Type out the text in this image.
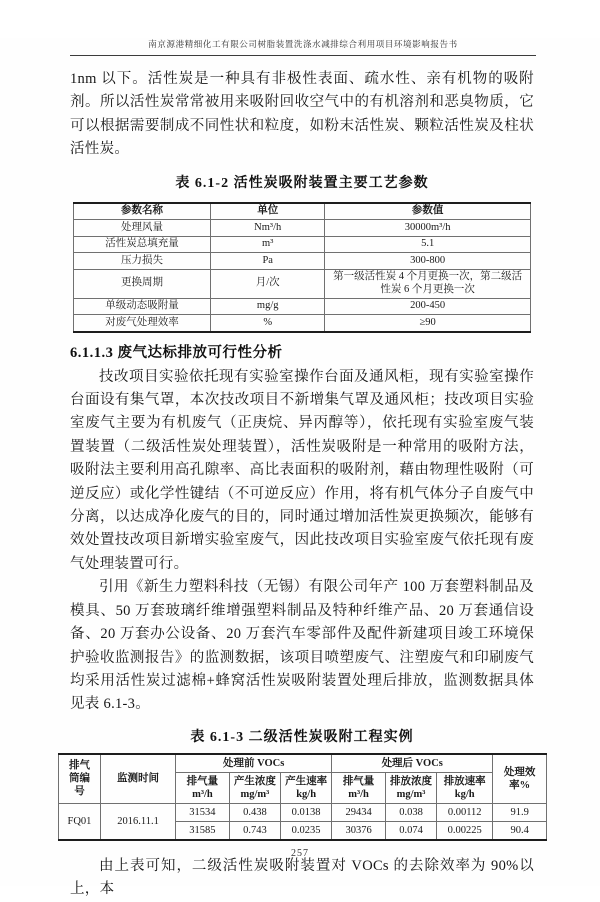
南京源港精细化工有限公司树脂装置洗涤水减排综合利用项目环境影响报告书

1nm 以下。活性炭是一种具有非极性表面、疏水性、亲有机物的吸附剂。所以活性炭常常被用来吸附回收空气中的有机溶剂和恶臭物质，它可以根据需要制成不同性状和粒度，如粉末活性炭、颗粒活性炭及柱状活性炭。

表 6.1-2 活性炭吸附装置主要工艺参数
参数名称	单位	参数值
处理风量	Nm³/h	30000m³/h
活性炭总填充量	m³	5.1
压力损失	Pa	300-800
更换周期	月/次	第一级活性炭 4 个月更换一次，第二级活性炭 6 个月更换一次
单级动态吸附量	mg/g	200-450
对废气处理效率	%	≥90
6.1.1.3 废气达标排放可行性分析

技改项目实验依托现有实验室操作台面及通风柜，现有实验室操作台面设有集气罩，本次技改项目不新增集气罩及通风柜；技改项目实验室废气主要为有机废气（正庚烷、异丙醇等），依托现有实验室废气装置装置（二级活性炭处理装置），活性炭吸附是一种常用的吸附方法，吸附法主要利用高孔隙率、高比表面积的吸附剂，藉由物理性吸附（可逆反应）或化学性键结（不可逆反应）作用，将有机气体分子自废气中分离，以达成净化废气的目的，同时通过增加活性炭更换频次，能够有效处置技改项目新增实验室废气，因此技改项目实验室废气依托现有废气处理装置可行。

引用《新生力塑料科技（无锡）有限公司年产 100 万套塑料制品及模具、50 万套玻璃纤维增强塑料制品及特种纤维产品、20 万套通信设备、20 万套办公设备、20 万套汽车零部件及配件新建项目竣工环境保护验收监测报告》的监测数据，该项目喷塑废气、注塑废气和印刷废气均采用活性炭过滤棉+蜂窝活性炭吸附装置处理后排放，监测数据具体见表 6.1-3。

表 6.1-3 二级活性炭吸附工程实例
排气筒编号	监测时间	处理前 VOCs			处理后 VOCs			处理效率%
		排气量 m³/h	产生浓度 mg/m³	产生速率 kg/h	排气量 m³/h	排放浓度 mg/m³	排放速率 kg/h	
FQ01	2016.11.1	31534	0.438	0.0138	29434	0.038	0.00112	91.9
		31585	0.743	0.0235	30376	0.074	0.00225	90.4

由上表可知，二级活性炭吸附装置对 VOCs 的去除效率为 90%以上，本

257
